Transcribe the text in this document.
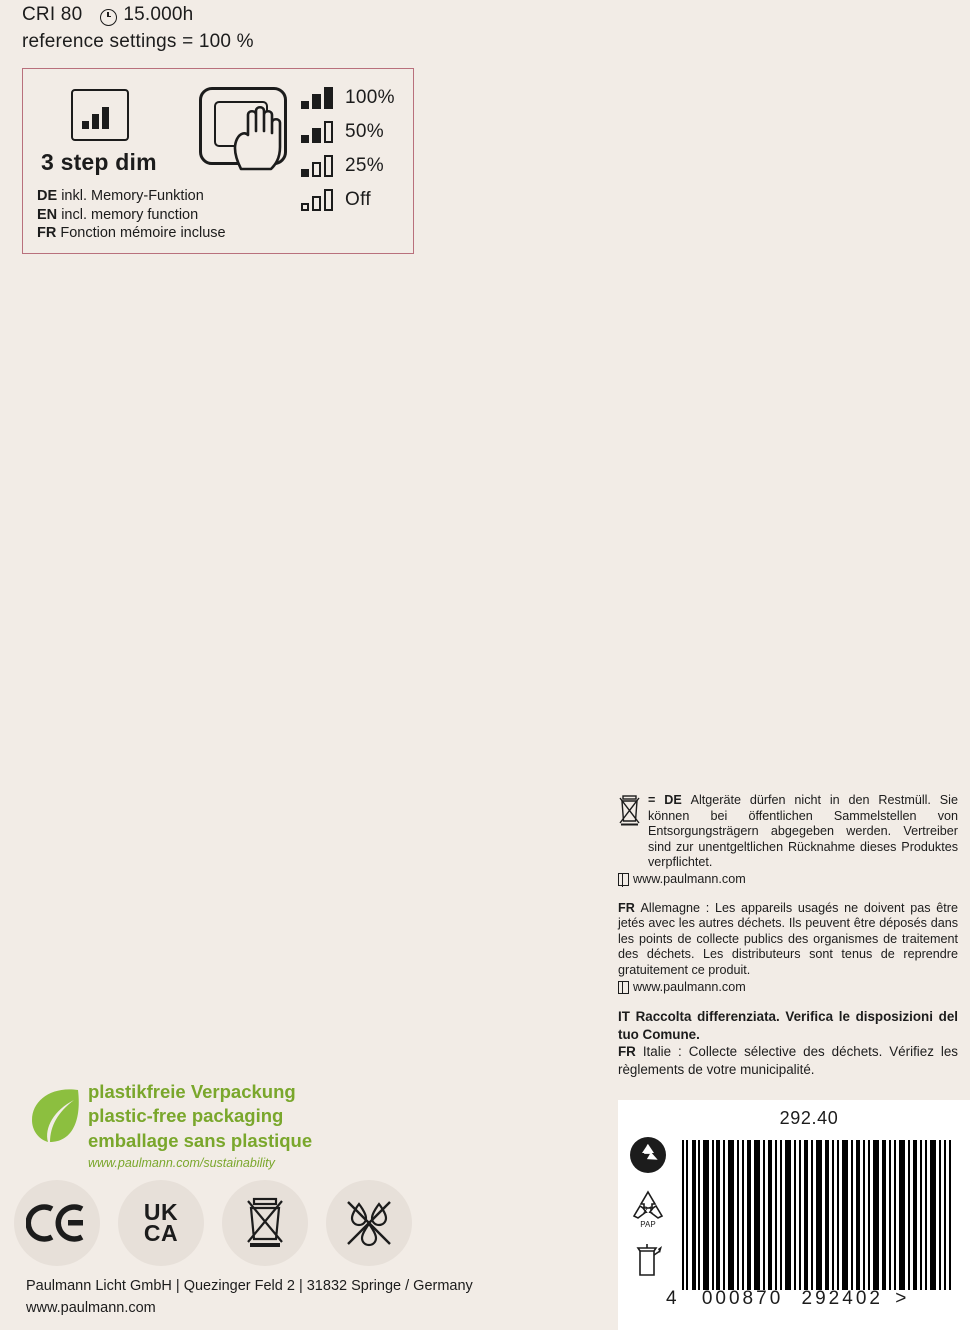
CRI 80 15.000h
reference settings = 100 %
3 step dim
DE inkl. Memory-Funktion
EN incl. memory function
FR Fonction mémoire incluse
100%
50%
25%
Off
= DE Altgeräte dürfen nicht in den Restmüll. Sie können bei öffentlichen Sammelstellen von Entsorgungsträgern abgegeben werden. Vertreiber sind zur unentgeltlichen Rücknahme dieses Produktes verpflichtet.
www.paulmann.com

FR Allemagne : Les appareils usagés ne doivent pas être jetés avec les autres déchets. Ils peuvent être déposés dans les points de collecte publics des organismes de traitement des déchets. Les distributeurs sont tenus de reprendre gratuitement ce produit.

www.paulmann.com

IT Raccolta differenziata. Verifica le disposizioni del tuo Comune.

FR Italie : Collecte sélective des déchets. Vérifiez les règlements de votre municipalité.

292.40
21
PAP
4 000870 292402 >
plastikfreie Verpackung
plastic-free packaging
emballage sans plastique
www.paulmann.com/sustainability
UK
CA
Paulmann Licht GmbH | Quezinger Feld 2 | 31832 Springe / Germany
www.paulmann.com
